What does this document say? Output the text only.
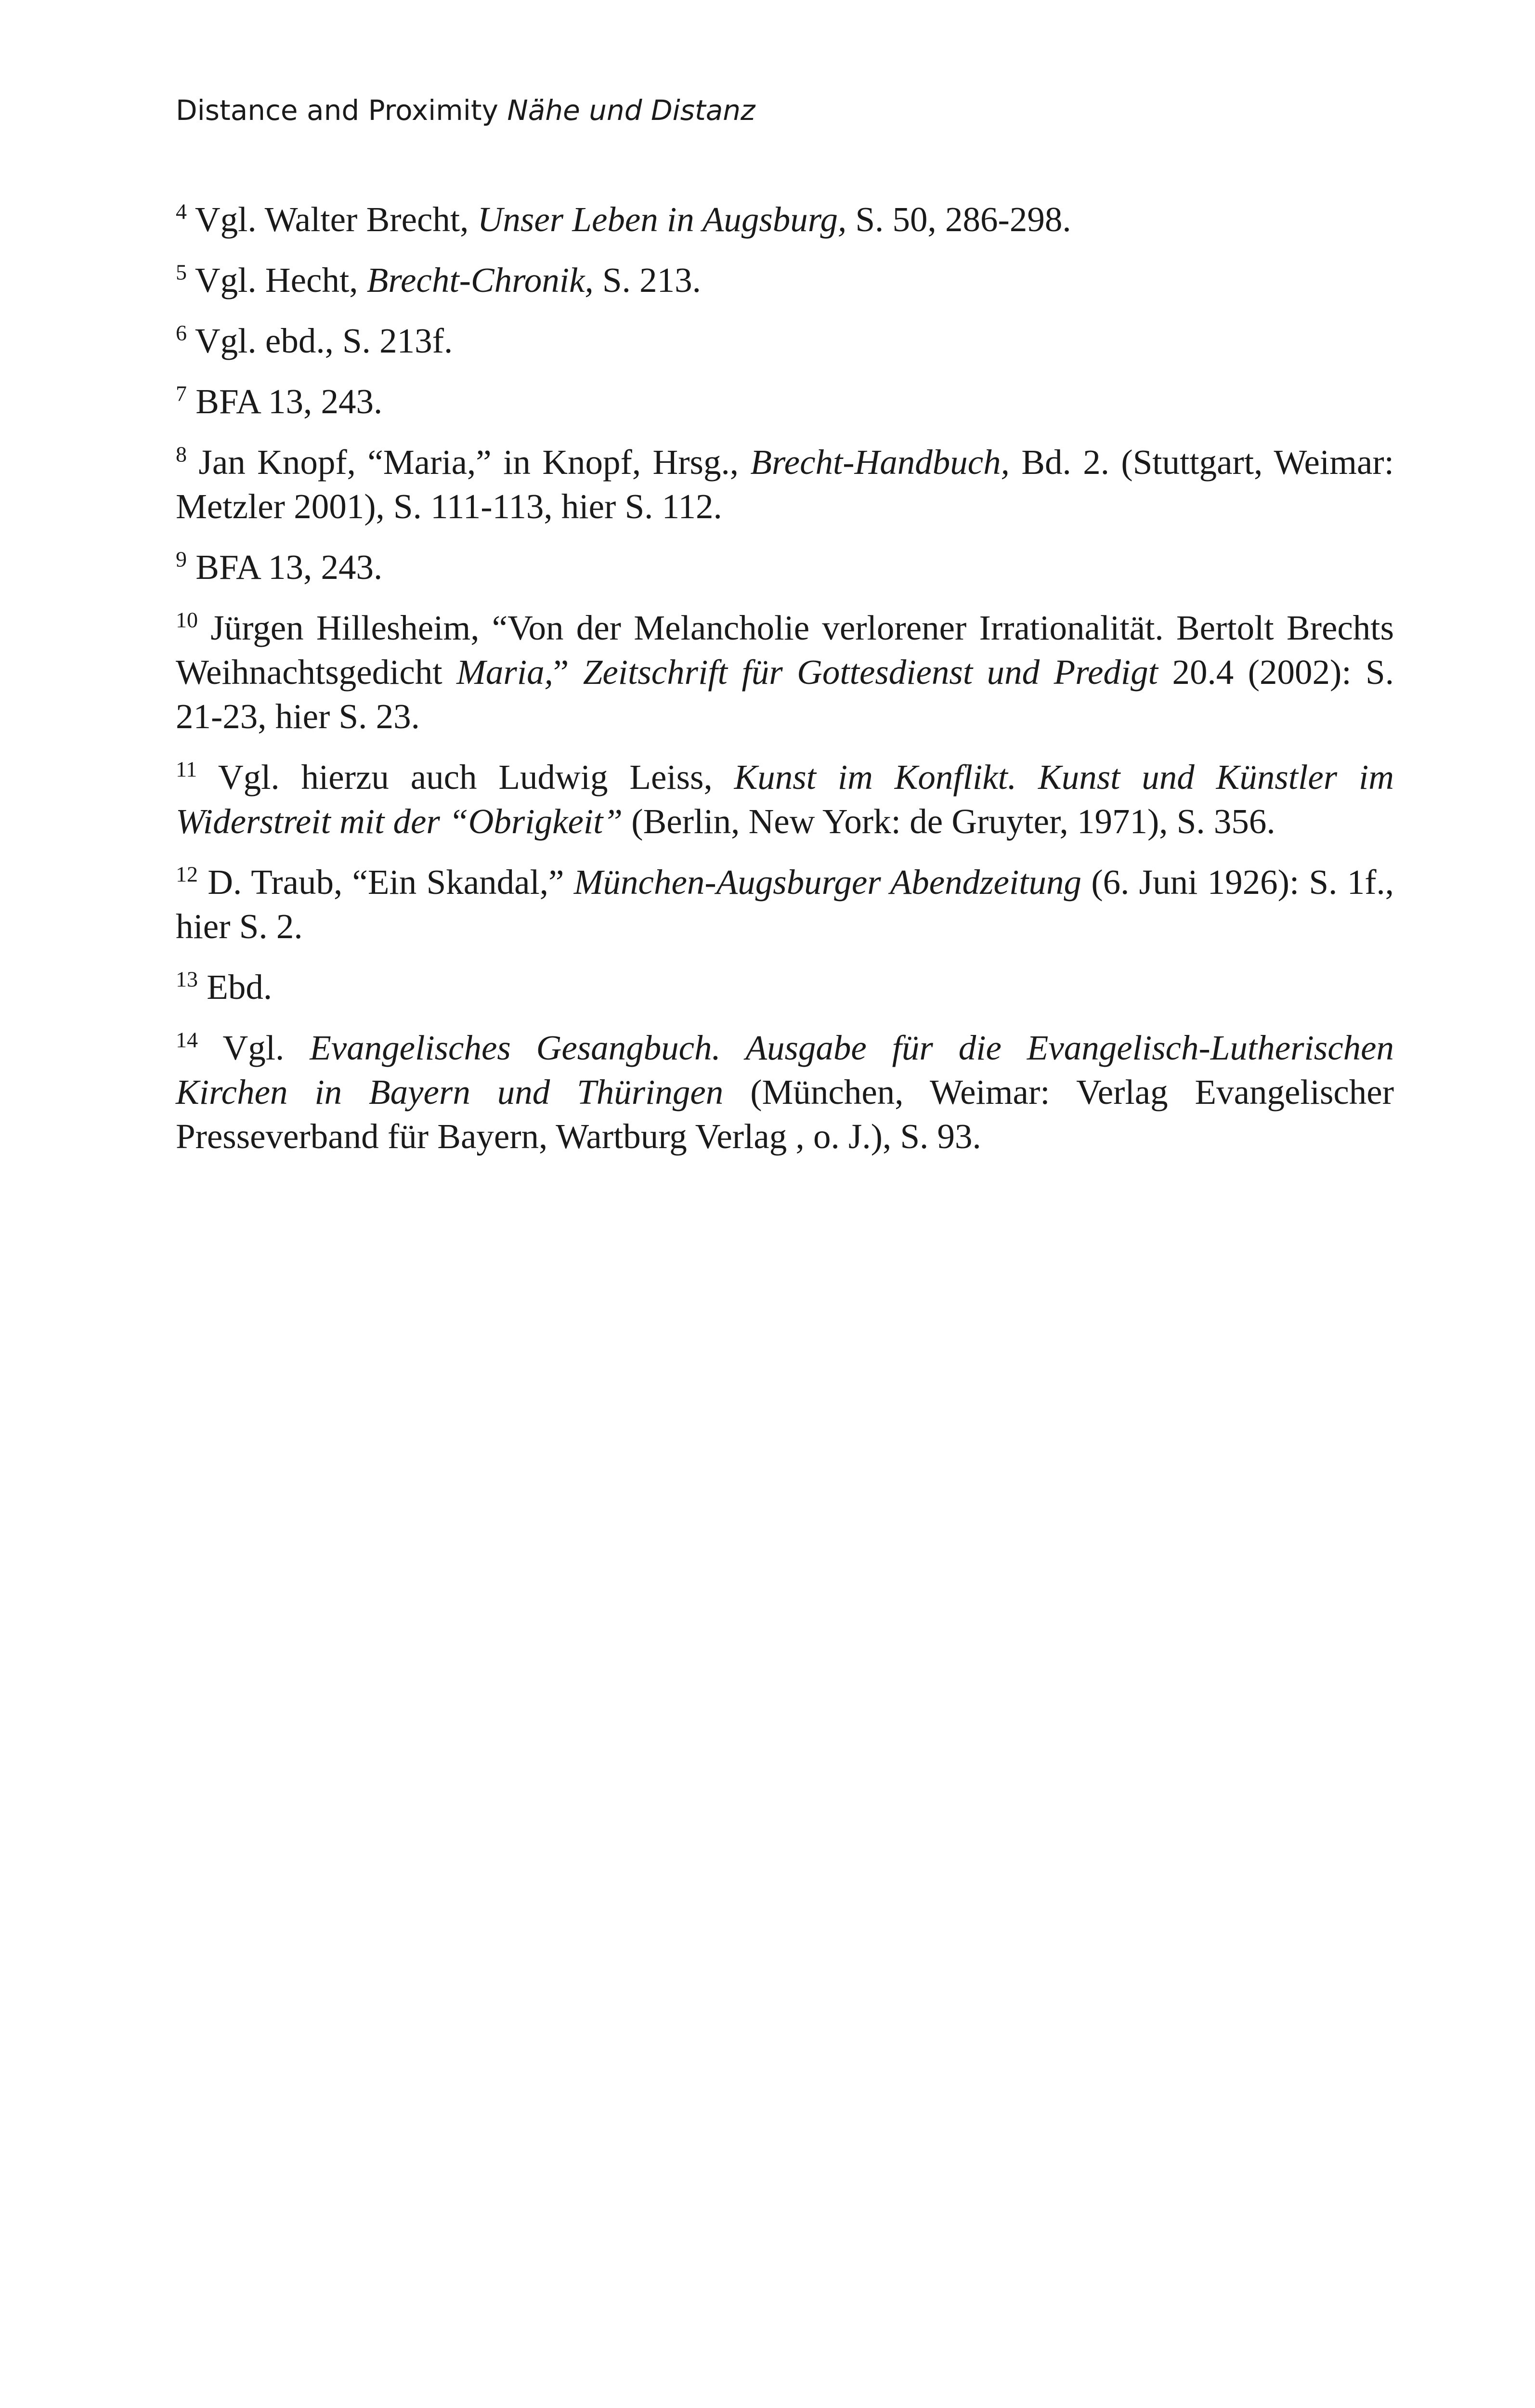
Distance and Proximity Nähe und Distanz

$^4$ Vgl. Walter Brecht, Unser Leben in Augsburg, S. 50, 286-298.

$^5$ Vgl. Hecht, Brecht-Chronik, S. 213.

$^6$ Vgl. ebd., S. 213f.

$^7$ BFA 13, 243.

$^8$ Jan Knopf, “Maria,” in Knopf, Hrsg., Brecht-Handbuch, Bd. 2. (Stuttgart, Weimar: Metzler 2001), S. 111-113, hier S. 112.

$^9$ BFA 13, 243.

$^{10}$ Jürgen Hillesheim, “Von der Melancholie verlorener Irrationalität. Bertolt Brechts Weihnachtsgedicht Maria,” Zeitschrift für Gottesdienst und Predigt 20.4 (2002): S. 21-23, hier S. 23.

$^{11}$ Vgl. hierzu auch Ludwig Leiss, Kunst im Konflikt. Kunst und Künstler im Widerstreit mit der “Obrigkeit” (Berlin, New York: de Gruyter, 1971), S. 356.

$^{12}$ D. Traub, “Ein Skandal,” München-Augsburger Abendzeitung (6. Juni 1926): S. 1f., hier S. 2.

$^{13}$ Ebd.

$^{14}$ Vgl. Evangelisches Gesangbuch. Ausgabe für die Evangelisch-Lutherischen Kirchen in Bayern und Thüringen (München, Weimar: Verlag Evangelischer Presseverband für Bayern, Wartburg Verlag , o. J.), S. 93.
